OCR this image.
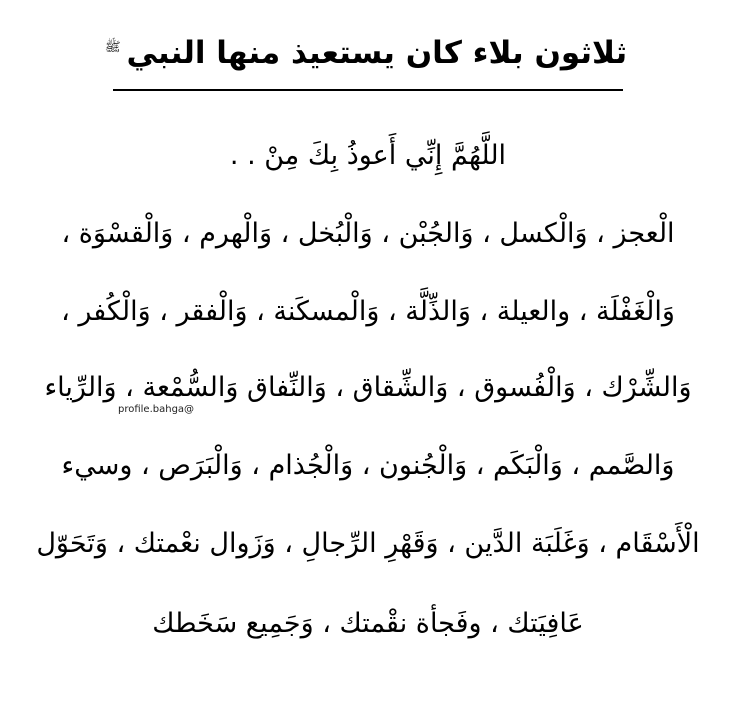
ثلاثون بلاء كان يستعيذ منها النبي
ﷺ
اللَّهُمَّ إِنِّي أَعوذُ بِكَ مِنْ . .
الْعجز ، وَالْكسل ، وَالجُبْن ، وَالْبُخل ، وَالْهرم ، وَالْقسْوَة ،
وَالْغَفْلَة ، والعيلة ، وَالذِّلَّة ، وَالْمسكَنة ، وَالْفقر ، وَالْكُفر ،
وَالشِّرْك ، وَالْفُسوق ، وَالشِّقاق ، وَالنِّفاق وَالسُّمْعة ، وَالرِّياء
وَالصَّمم ، وَالْبَكَم ، وَالْجُنون ، وَالْجُذام ، وَالْبَرَص ، وسيء
الْأَسْقَام ، وَغَلَبَة الدَّين ، وَقَهْرِ الرِّجالِ ، وَزَوال نعْمتك ، وَتَحَوّل
عَافِيَتك ، وفَجأة نقْمتك ، وَجَمِيع سَخَطك
profile.bahga@
